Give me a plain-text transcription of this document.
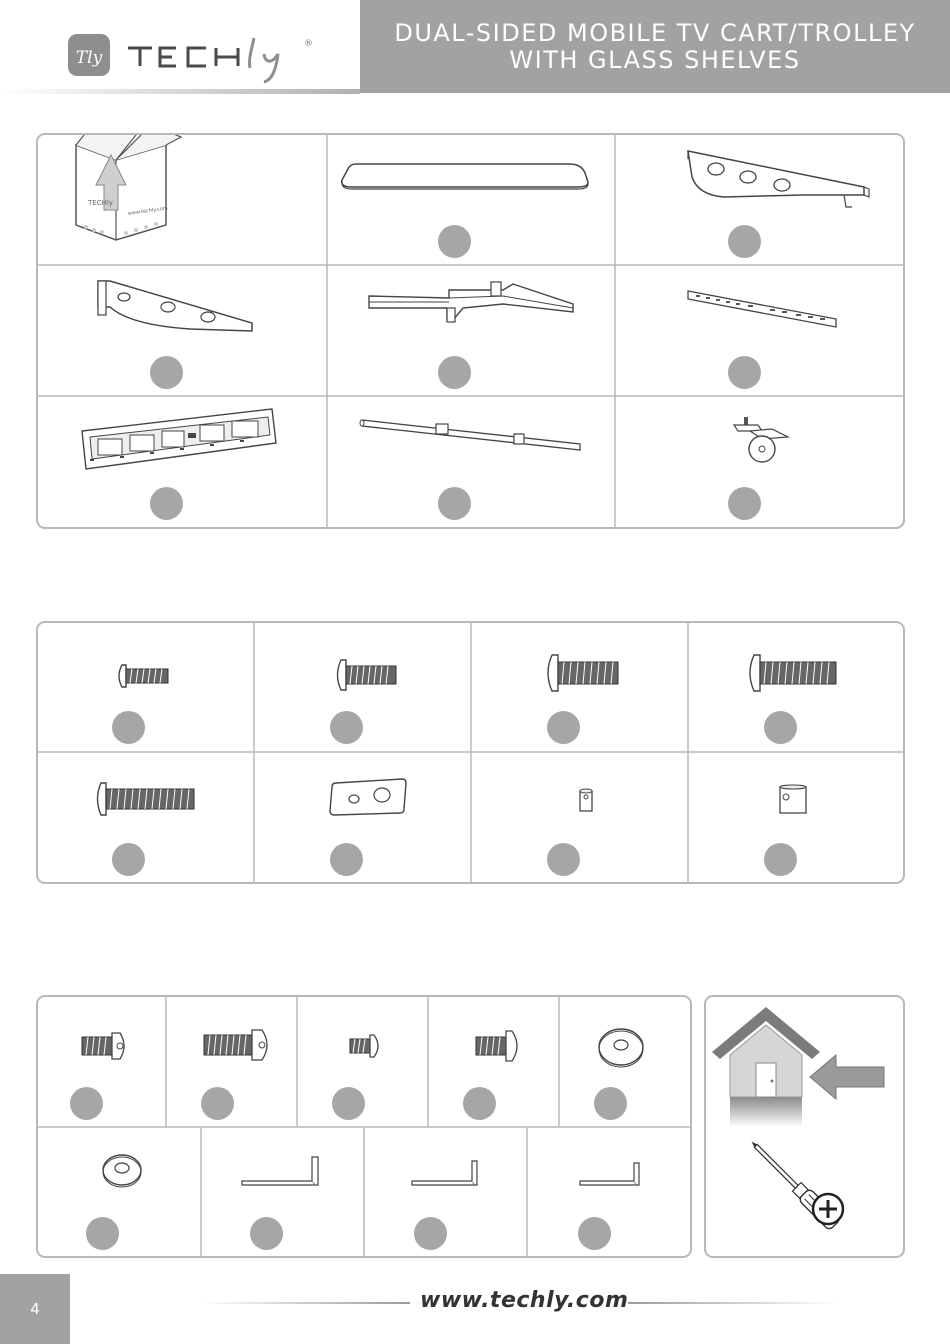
Tly
®	DUAL-SIDED MOBILE TV CART/TROLLEY
WITH GLASS SHELVES
TECHly
www.techly.com
4	www.techly.com
